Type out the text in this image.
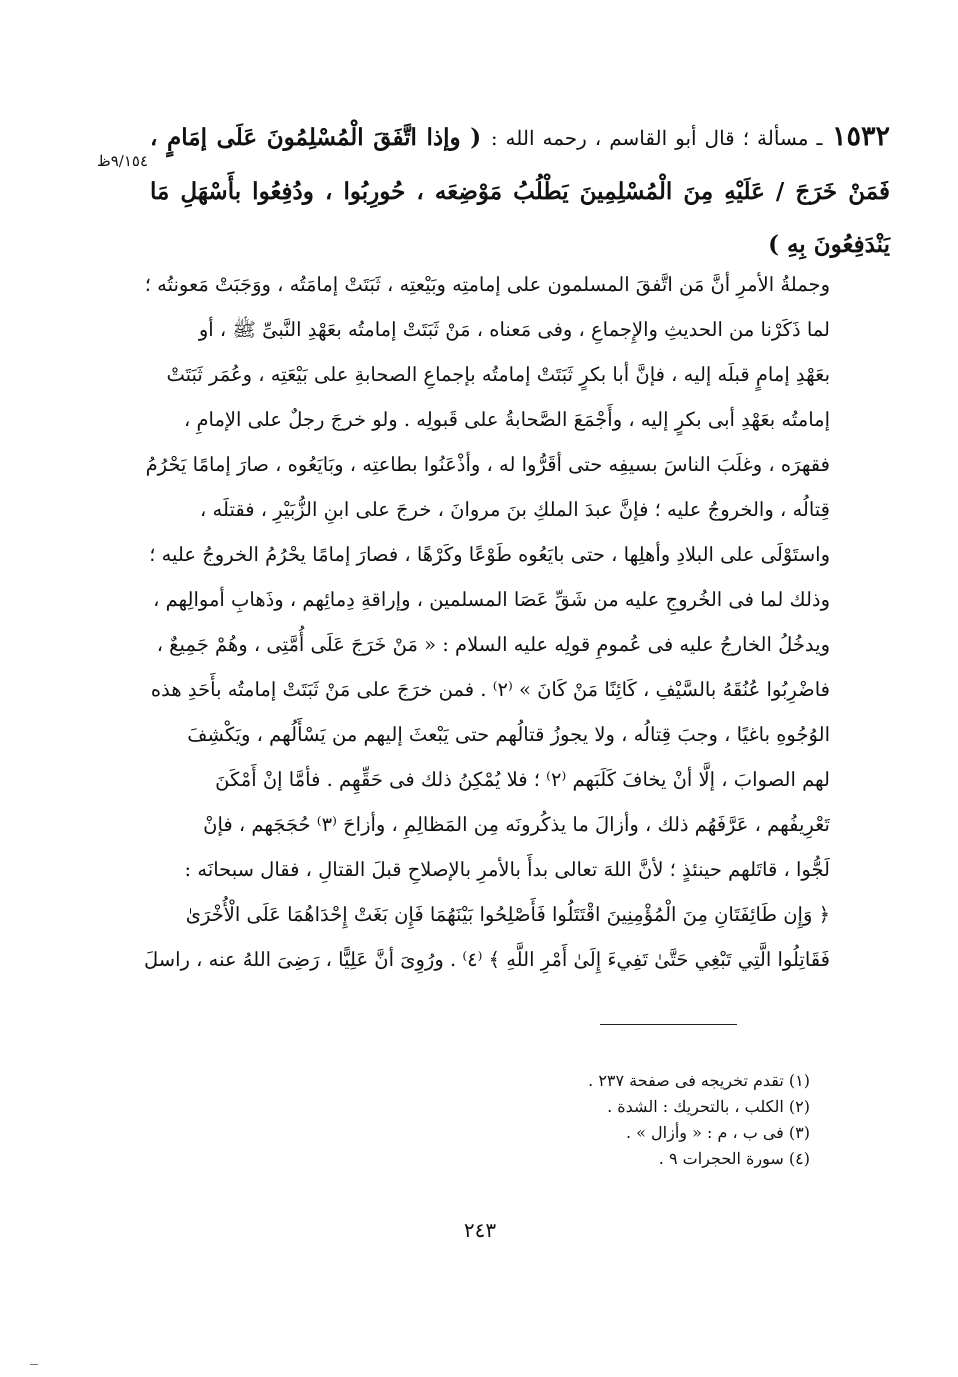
٩/١٥٤ظ
١٥٣٢ ـ مسألة ؛ قال أبو القاسم ، رحمه الله : ( وإذا اتَّفَقَ الْمُسْلِمُونَ عَلَى إمَامٍ ، فَمَنْ خَرَجَ / عَلَيْهِ مِنَ الْمُسْلِمِينَ يَطْلُبُ مَوْضِعَه ، حُورِبُوا ، ودُفِعُوا بأَسْهَلِ مَا يَنْدَفِعُونَ بِهِ )
وجملةُ الأمرِ أنَّ مَن اتَّفقَ المسلمون على إمامتِه وبَيْعتِه ، ثَبَتَتْ إمامَتُه ، ووَجَبَتْ مَعونتُه ؛
لما ذَكَرْنا من الحديثِ والإِجماعِ ، وفى مَعناه ، مَنْ ثَبَتَتْ إمامتُه بعَهْدِ النَّبىِّ ﷺ ، أو
بعَهْدِ إمامٍ قبلَه إليه ، فإنَّ أبا بكرٍ ثَبَتَتْ إمامتُه بإجماعِ الصحابةِ على بَيْعَتِه ، وعُمَر ثَبَتَتْ
إمامتُه بعَهْدِ أبى بكرٍ إليه ، وأَجْمَعَ الصَّحابةُ على قَبولِه . ولو خرجَ رجلٌ على الإمامِ ،
فقهرَه ، وغلَبَ الناسَ بسيفِه حتى أقَرُّوا له ، وأذْعَنُوا بطاعتِه ، وبَايَعُوه ، صارَ إمامًا يَحْرُمُ
قِتالُه ، والخروجُ عليه ؛ فإنَّ عبدَ الملكِ بنَ مروانَ ، خرجَ على ابنِ الزُّبَيْرِ ، فقتلَه ،
واستَوْلَى على البلادِ وأهلِها ، حتى بايَعُوه طَوْعًا وكَرْهًا ، فصارَ إمامًا يحْرُمُ الخروجُ عليه ؛
وذلك لما فى الخُروجِ عليه من شَقِّ عَصَا المسلمين ، وإراقةِ دِمائِهم ، وذَهابِ أموالِهم ،
ويدخُلُ الخارجُ عليه فى عُمومِ قولِه عليه السلام : « مَنْ خَرَجَ عَلَى أُمَّتِى ، وهُمْ جَمِيعٌ ،
فاضْرِبُوا عُنُقَهُ بالسَّيْفِ ، كَائِنًا مَنْ كَانَ » ⁽٢⁾ . فمن خرَجَ على مَنْ ثَبَتَتْ إمامتُه بأَحَدِ هذه
الوُجُوهِ باغيًا ، وجبَ قِتالُه ، ولا يجوزُ قتالُهم حتى يَبْعثَ إليهم من يَسْأَلُهم ، ويَكْشِفَ
لهم الصوابَ ، إلَّا أنْ يخافَ كَلَبَهم ⁽٢⁾ ؛ فلا يُمْكِنُ ذلك فى حَقِّهِم . فأمَّا إنْ أَمْكَنَ
تَعْرِيفُهم ، عَرَّفَهُم ذلك ، وأزالَ ما يذكُرونَه مِن المَظالِمِ ، وأزاحَ ⁽٣⁾ حُجَجَهم ، فإنْ
لَجُّوا ، قاتَلهم حينئذٍ ؛ لأنَّ اللهَ تعالى بدأَ بالأمرِ بالإصلاحِ قبلَ القتالِ ، فقال سبحانَه :
﴿ وَإِن طَائِفَتَانِ مِنَ الْمُؤْمِنِينَ اقْتَتَلُوا فَأَصْلِحُوا بَيْنَهُمَا فَإِن بَغَتْ إِحْدَاهُمَا عَلَى الْأُخْرَىٰ
فَقَاتِلُوا الَّتِي تَبْغِي حَتَّىٰ تَفِيءَ إِلَىٰ أَمْرِ اللَّهِ ﴾ ⁽٤⁾ . ورُوِىَ أنَّ عَلِيًّا ، رَضِىَ اللهُ عنه ، راسلَ
(١) تقدم تخريجه فى صفحة ٢٣٧ .
(٢) الكلب ، بالتحريك : الشدة .
(٣) فى ب ، م : « وأزال » .
(٤) سورة الحجرات ٩ .
٢٤٣
